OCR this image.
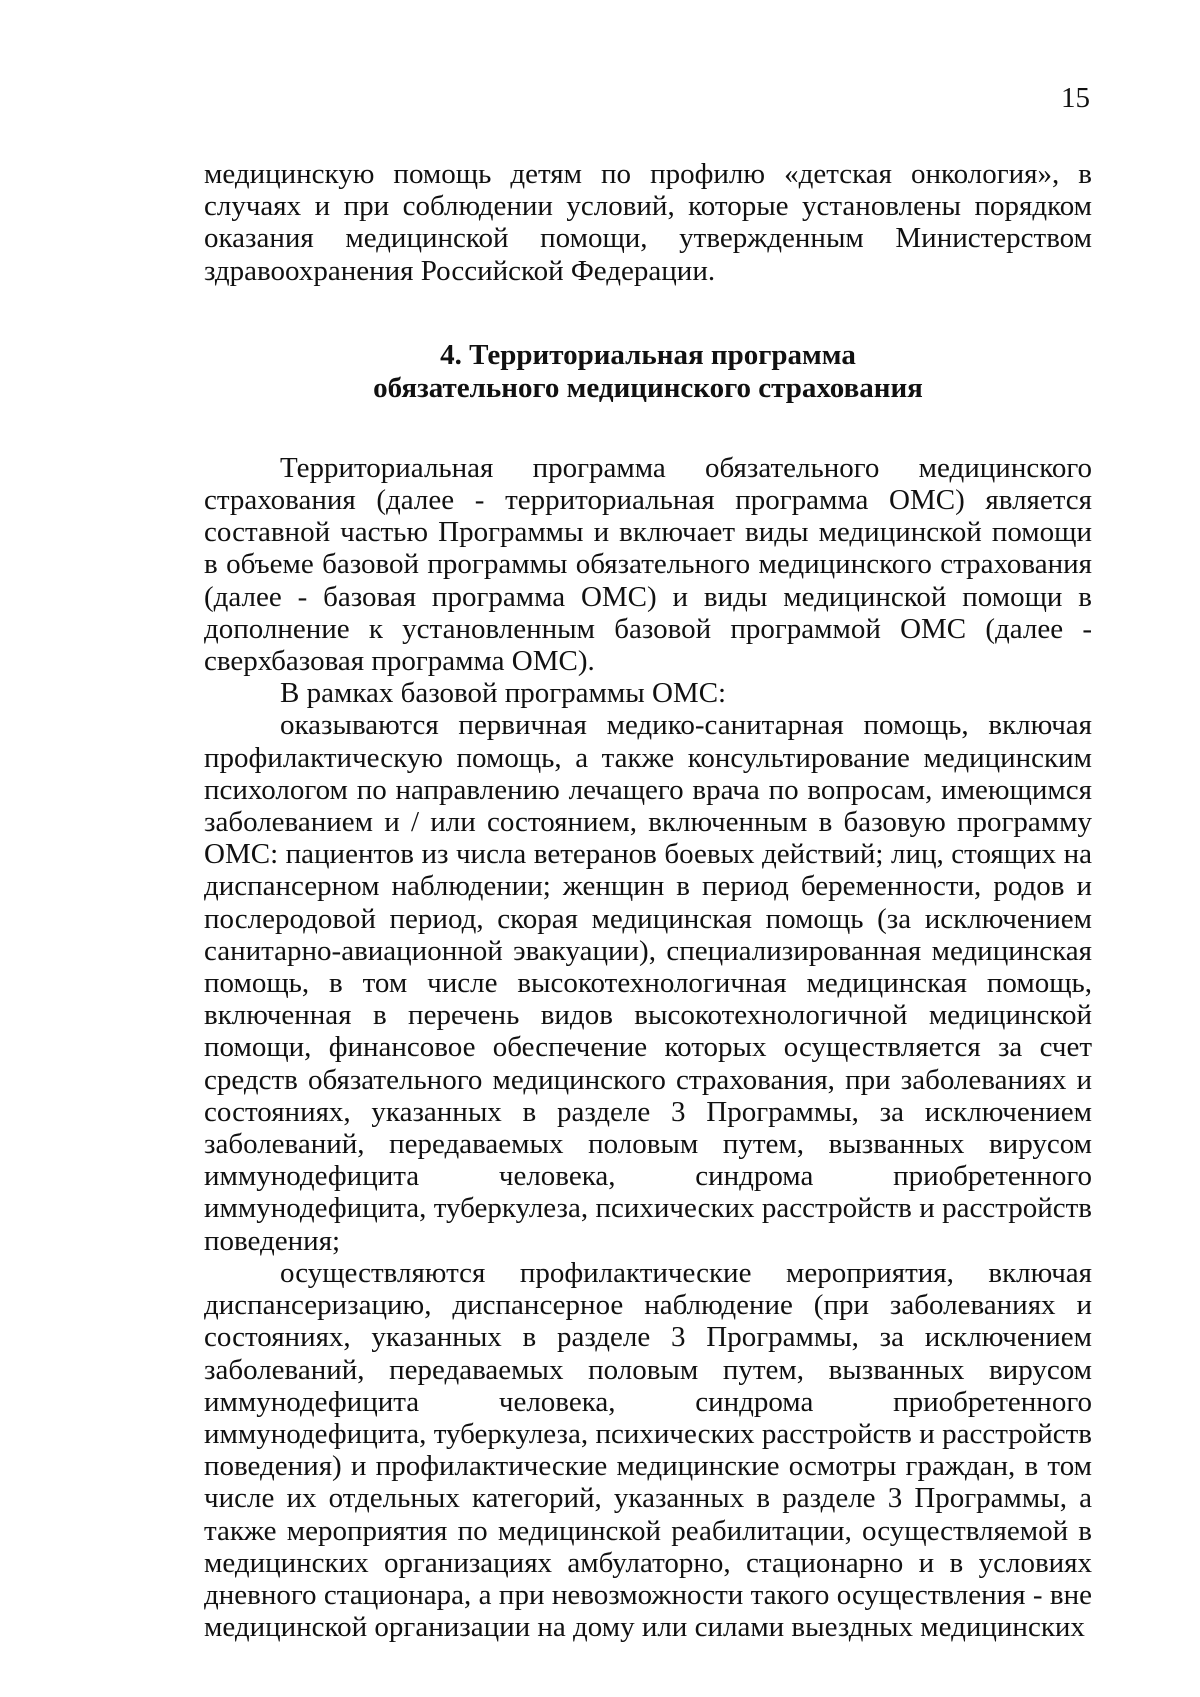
15

медицинскую помощь детям по профилю «детская онкология», в случаях и при соблюдении условий, которые установлены порядком оказания медицинской помощи, утвержденным Министерством здравоохранения Российской Федерации.

4. Территориальная программа
обязательного медицинского страхования

Территориальная программа обязательного медицинского страхования (далее - территориальная программа ОМС) является составной частью Программы и включает виды медицинской помощи в объеме базовой программы обязательного медицинского страхования (далее - базовая программа ОМС) и виды медицинской помощи в дополнение к установленным базовой программой ОМС (далее - сверхбазовая программа ОМС).

В рамках базовой программы ОМС:

оказываются первичная медико-санитарная помощь, включая профилактическую помощь, а также консультирование медицинским психологом по направлению лечащего врача по вопросам, имеющимся заболеванием и / или состоянием, включенным в базовую программу ОМС: пациентов из числа ветеранов боевых действий; лиц, стоящих на диспансерном наблюдении; женщин в период беременности, родов и послеродовой период, скорая медицинская помощь (за исключением санитарно-авиационной эвакуации), специализированная медицинская помощь, в том числе высокотехнологичная медицинская помощь, включенная в перечень видов высокотехнологичной медицинской помощи, финансовое обеспечение которых осуществляется за счет средств обязательного медицинского страхования, при заболеваниях и состояниях, указанных в разделе 3 Программы, за исключением заболеваний, передаваемых половым путем, вызванных вирусом иммунодефицита человека, синдрома приобретенного иммунодефицита, туберкулеза, психических расстройств и расстройств поведения;

осуществляются профилактические мероприятия, включая диспансеризацию, диспансерное наблюдение (при заболеваниях и состояниях, указанных в разделе 3 Программы, за исключением заболеваний, передаваемых половым путем, вызванных вирусом иммунодефицита человека, синдрома приобретенного иммунодефицита, туберкулеза, психических расстройств и расстройств поведения) и профилактические медицинские осмотры граждан, в том числе их отдельных категорий, указанных в разделе 3 Программы, а также мероприятия по медицинской реабилитации, осуществляемой в медицинских организациях амбулаторно, стационарно и в условиях дневного стационара, а при невозможности такого осуществления - вне медицинской организации на дому или силами выездных медицинских
